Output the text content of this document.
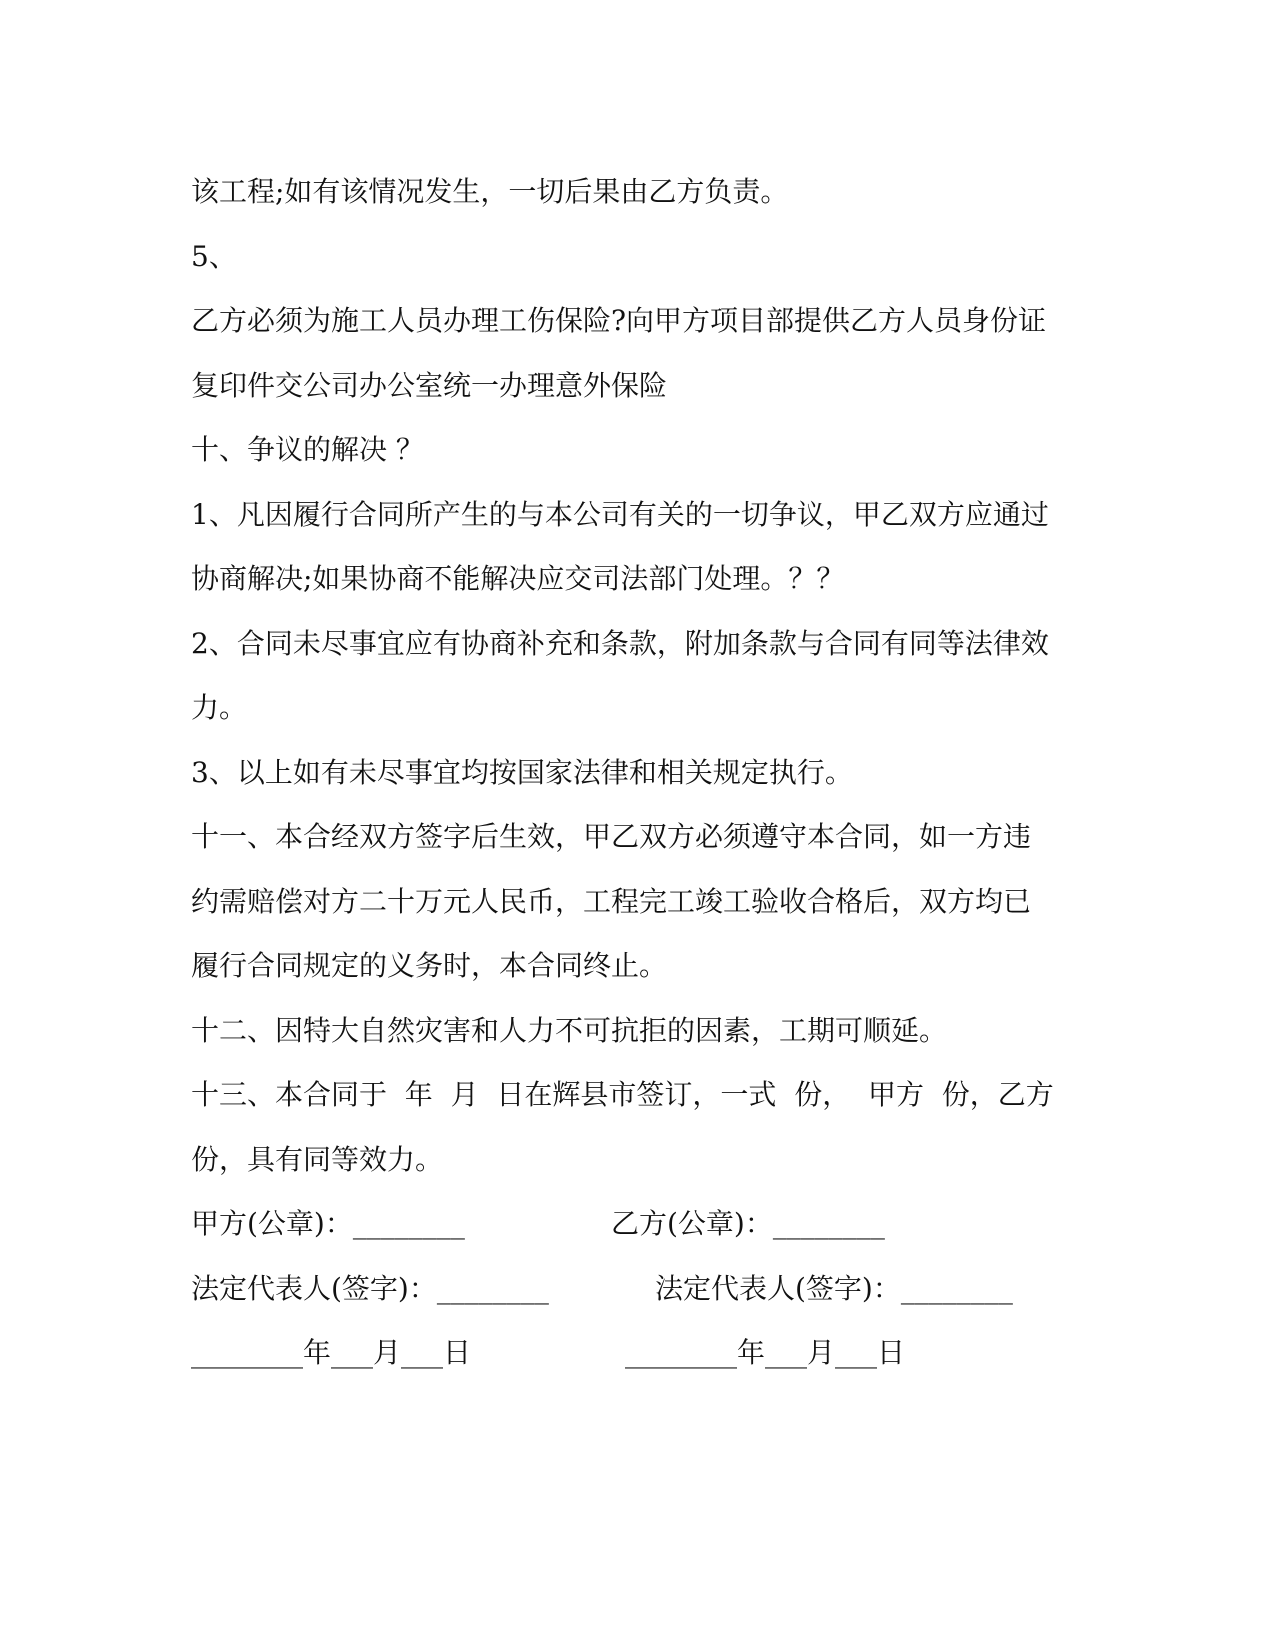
该工程;如有该情况发生，一切后果由乙方负责。
5、
乙方必须为施工人员办理工伤保险?向甲方项目部提供乙方人员身份证
复印件交公司办公室统一办理意外保险
十、争议的解决 ？
1、凡因履行合同所产生的与本公司有关的一切争议，甲乙双方应通过
协商解决;如果协商不能解决应交司法部门处理。？？
2、合同未尽事宜应有协商补充和条款，附加条款与合同有同等法律效
力。
3、以上如有未尽事宜均按国家法律和相关规定执行。
十一、本合经双方签字后生效，甲乙双方必须遵守本合同，如一方违
约需赔偿对方二十万元人民币，工程完工竣工验收合格后，双方均已
履行合同规定的义务时，本合同终止。
十二、因特大自然灾害和人力不可抗拒的因素，工期可顺延。
十三、本合同于  年  月  日在辉县市签订，一式  份，  甲方  份，乙方
份，具有同等效力。

甲方(公章)：________

	乙方(公章)：________

法定代表人(签字)：________

	法定代表人(签字)：________

________年___月___日

	________年___月___日
